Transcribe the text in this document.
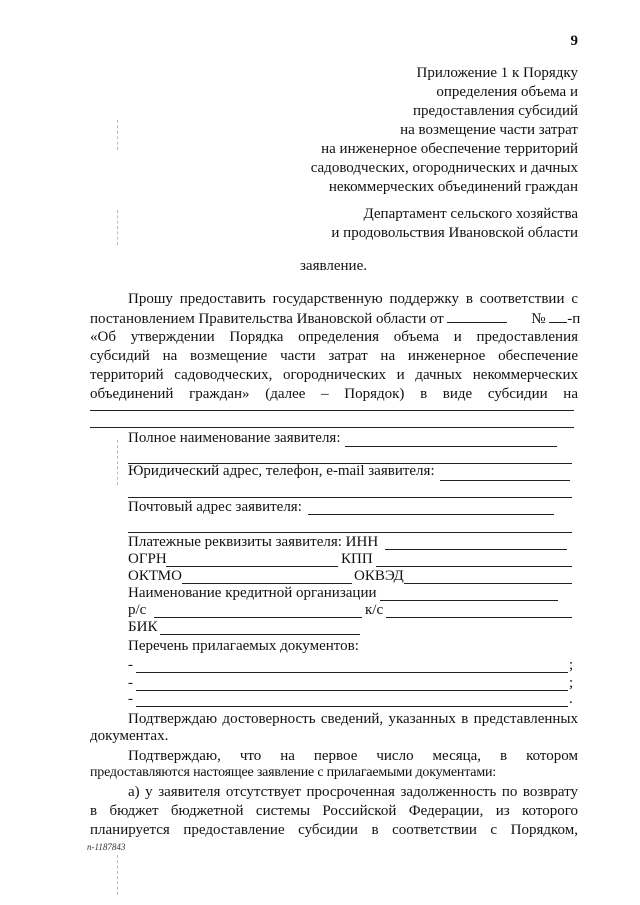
9
Приложение 1 к Порядку
определения объема и
предоставления субсидий
на возмещение части затрат
на инженерное обеспечение территорий
садоводческих, огороднических и дачных
некоммерческих объединений граждан
Департамент сельского хозяйства
и продовольствия Ивановской области
заявление.
Прошу предоставить государственную поддержку в соответствии с
постановлением Правительства Ивановской области от	№ -п
«Об утверждении Порядка определения объема и предоставления
субсидий на возмещение части затрат на инженерное обеспечение
территорий садоводческих, огороднических и дачных некоммерческих
объединений граждан» (далее – Порядок) в виде субсидии на
Полное наименование заявителя:
Юридический адрес, телефон, e-mail заявителя:
Почтовый адрес заявителя:
Платежные реквизиты заявителя: ИНН
ОГРН	КПП
ОКТМО	ОКВЭД
Наименование кредитной организации
р/с	к/с
БИК
Перечень прилагаемых документов:
-	;
-	;
-	.
Подтверждаю достоверность сведений, указанных в представленных
документах.
Подтверждаю, что на первое число месяца, в котором
предоставляются настоящее заявление с прилагаемыми документами:
а) у заявителя отсутствует просроченная задолженность по возврату
в бюджет бюджетной системы Российской Федерации, из которого
планируется предоставление субсидии в соответствии с Порядком,
п-1187843
